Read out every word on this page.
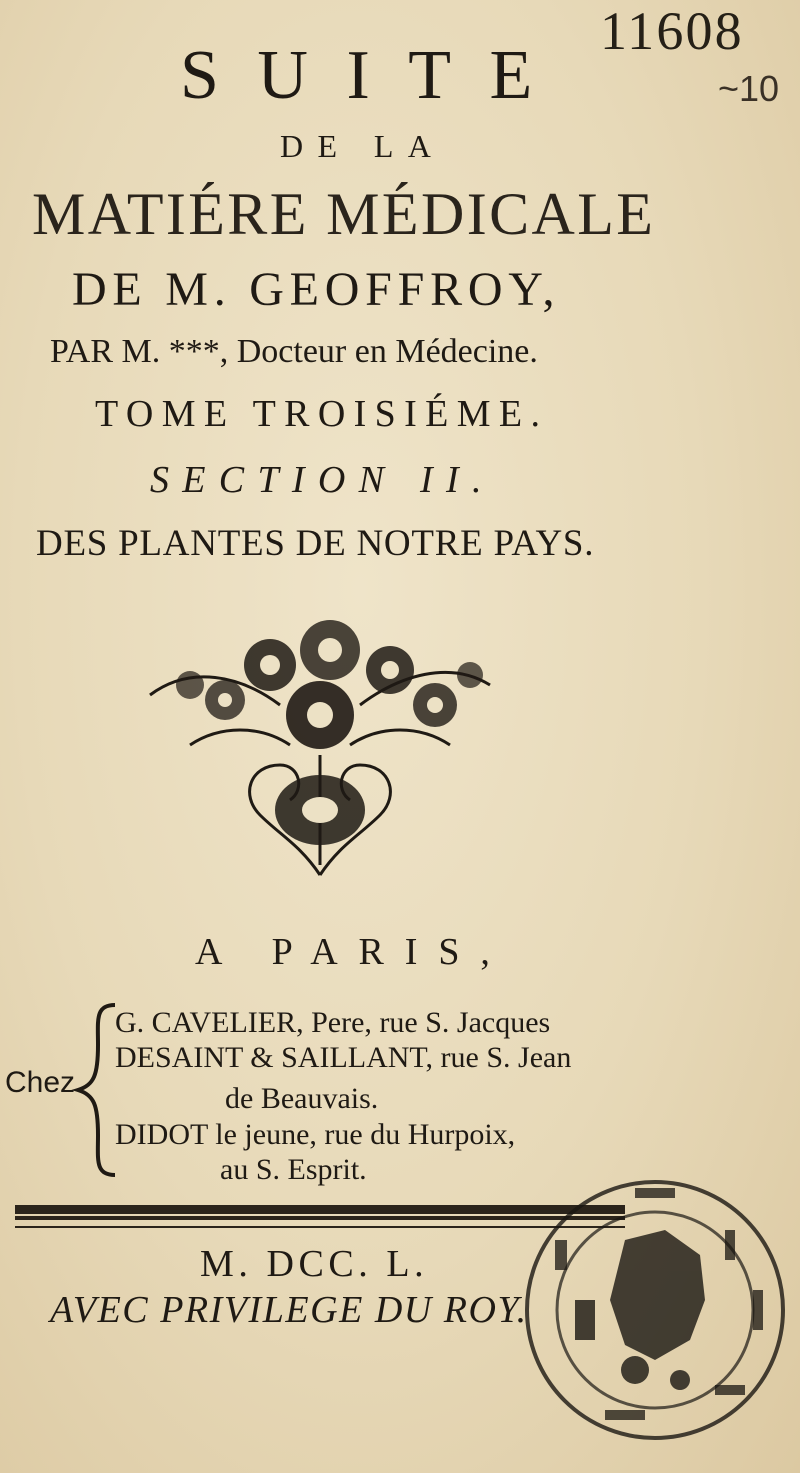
11608
~10
SUITE
DE LA
MATIÉRE MÉDICALE
DE M. GEOFFROY,
PAR M. ***, Docteur en Médecine.
TOME TROISIÉME.
SECTION II.
DES PLANTES DE NOTRE PAYS.
A PARIS,
Chez
G. CAVELIER, Pere, rue S. Jacques
DESAINT & SAILLANT, rue S. Jean
de Beauvais.
DIDOT le jeune, rue du Hurpoix,
au S. Esprit.
M. DCC. L.
AVEC PRIVILEGE DU ROY.
